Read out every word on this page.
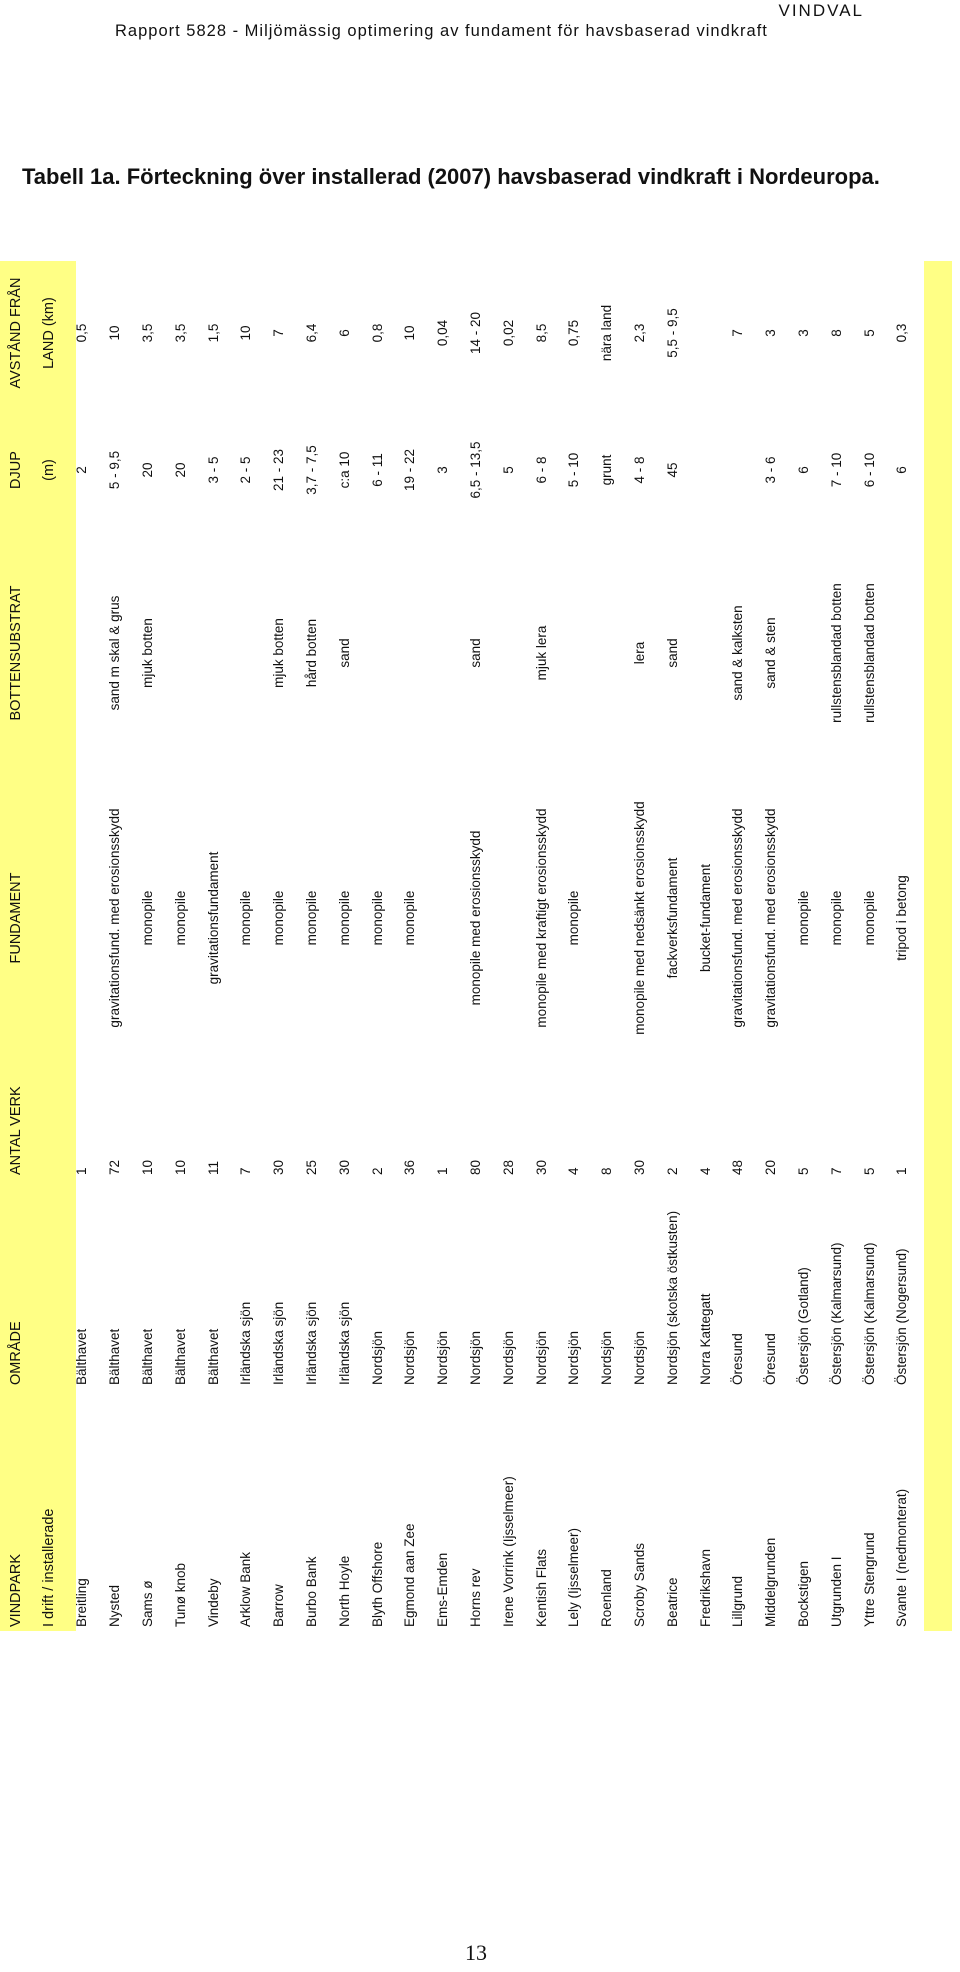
VINDVAL
Rapport 5828 - Miljömässig optimering av fundament för havsbaserad vindkraft
Tabell 1a. Förteckning över installerad (2007) havsbaserad vindkraft i Nordeuropa.
VINDPARK	OMRÅDE	ANTAL VERK	FUNDAMENT	BOTTENSUBSTRAT	DJUP	AVSTÅND FRÅN
I drift / installerade					(m)	LAND (km)
Breitling	Bälthavet	1			2	0,5
Nysted	Bälthavet	72	gravitationsfund. med erosionsskydd	sand m skal & grus	5 - 9,5	10
Sams ø	Bälthavet	10	monopile	mjuk botten	20	3,5
Tunø knob	Bälthavet	10	monopile		20	3,5
Vindeby	Bälthavet	11	gravitationsfundament		3 - 5	1,5
Arklow Bank	Irländska sjön	7	monopile		2 - 5	10
Barrow	Irländska sjön	30	monopile	mjuk botten	21 - 23	7
Burbo Bank	Irländska sjön	25	monopile	hård botten	3,7 - 7,5	6,4
North Hoyle	Irländska sjön	30	monopile	sand	c:a 10	6
Blyth Offshore	Nordsjön	2	monopile		6 - 11	0,8
Egmond aan Zee	Nordsjön	36	monopile		19 - 22	10
Ems-Emden	Nordsjön	1			3	0,04
Horns rev	Nordsjön	80	monopile med erosionsskydd	sand	6,5 - 13,5	14 - 20
Irene Vorrink (Ijsselmeer)	Nordsjön	28			5	0,02
Kentish Flats	Nordsjön	30	monopile med kraftigt erosionsskydd	mjuk lera	6 - 8	8,5
Lely (Ijsselmeer)	Nordsjön	4	monopile		5 - 10	0,75
Roenland	Nordsjön	8			grunt	nära land
Scroby Sands	Nordsjön	30	monopile med nedsänkt erosionsskydd	lera	4 - 8	2,3
Beatrice	Nordsjön (skotska östkusten)	2	fackverksfundament	sand	45	5,5 - 9,5
Fredrikshavn	Norra Kattegatt	4	bucket-fundament			
Lillgrund	Öresund	48	gravitationsfund. med erosionsskydd	sand & kalksten		7
Middelgrunden	Öresund	20	gravitationsfund. med erosionsskydd	sand & sten	3 - 6	3
Bockstigen	Östersjön (Gotland)	5	monopile		6	3
Utgrunden I	Östersjön (Kalmarsund)	7	monopile	rullstensblandad botten	7 - 10	8
Yttre Stengrund	Östersjön (Kalmarsund)	5	monopile	rullstensblandad botten	6 - 10	5
Svante I (nedmonterat)	Östersjön (Nogersund)	1	tripod i betong		6	0,3
13
